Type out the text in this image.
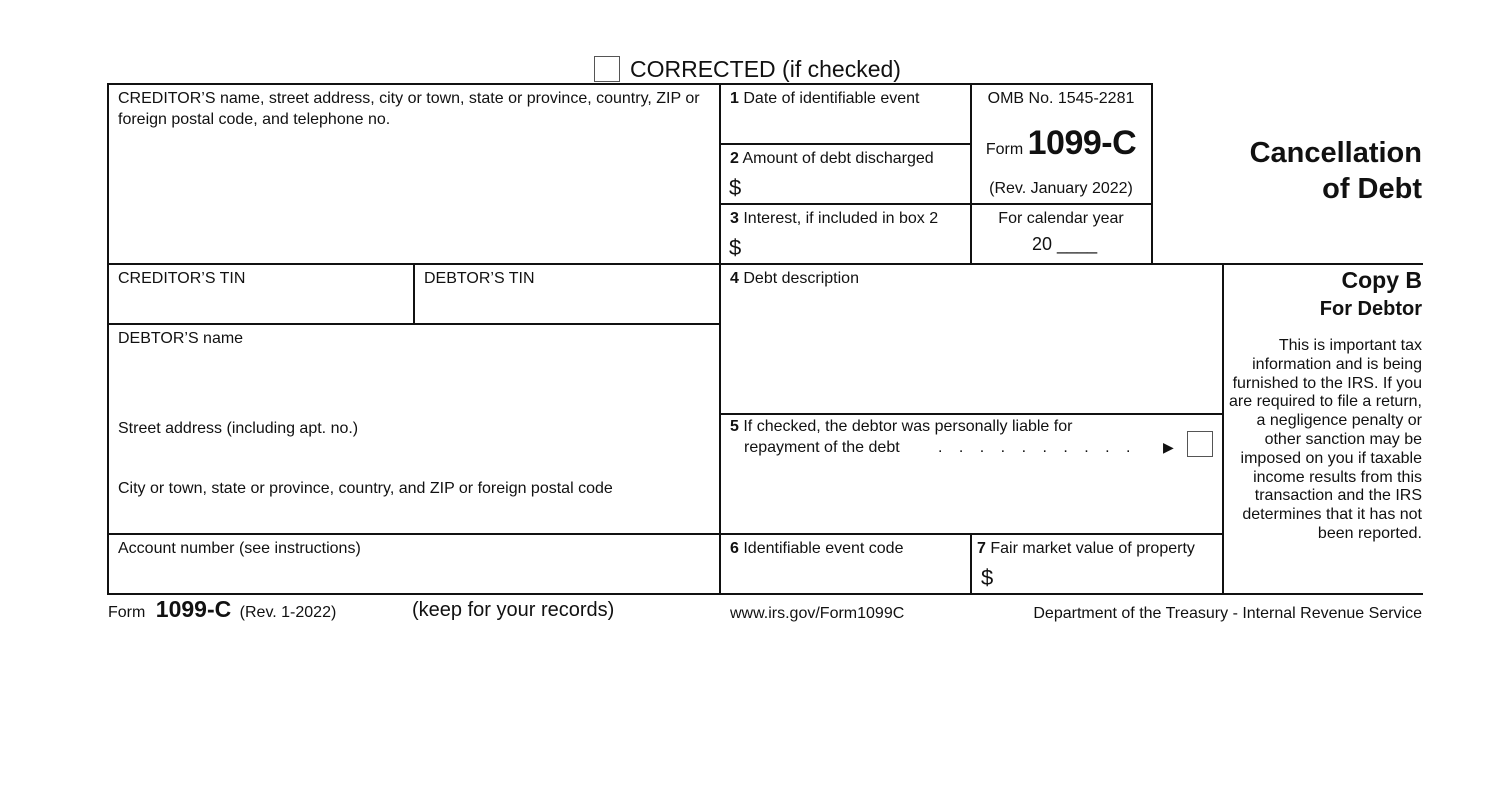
CORRECTED (if checked)
CREDITOR’S name, street address, city or town, state or province, country, ZIP or foreign postal code, and telephone no.
CREDITOR’S TIN	DEBTOR’S TIN
DEBTOR’S name
Street address (including apt. no.)
City or town, state or province, country, and ZIP or foreign postal code
Account number (see instructions)
1 Date of identifiable event
2 Amount of debt discharged
$
3 Interest, if included in box 2
$
OMB No. 1545-2281
Form 1099-C
(Rev. January 2022)
For calendar year
20 ____
Cancellation
of Debt
4 Debt description
5 If checked, the debtor was personally liable for
repayment of the debt . . . . . . . . . . ▶
6 Identifiable event code	7 Fair market value of property
$
Copy B
For Debtor
This is important tax information and is being furnished to the IRS. If you are required to file a return, a negligence penalty or other sanction may be imposed on you if taxable income results from this transaction and the IRS determines that it has not been reported.
Form 1099-C (Rev. 1-2022)	(keep for your records)	www.irs.gov/Form1099C	Department of the Treasury - Internal Revenue Service
